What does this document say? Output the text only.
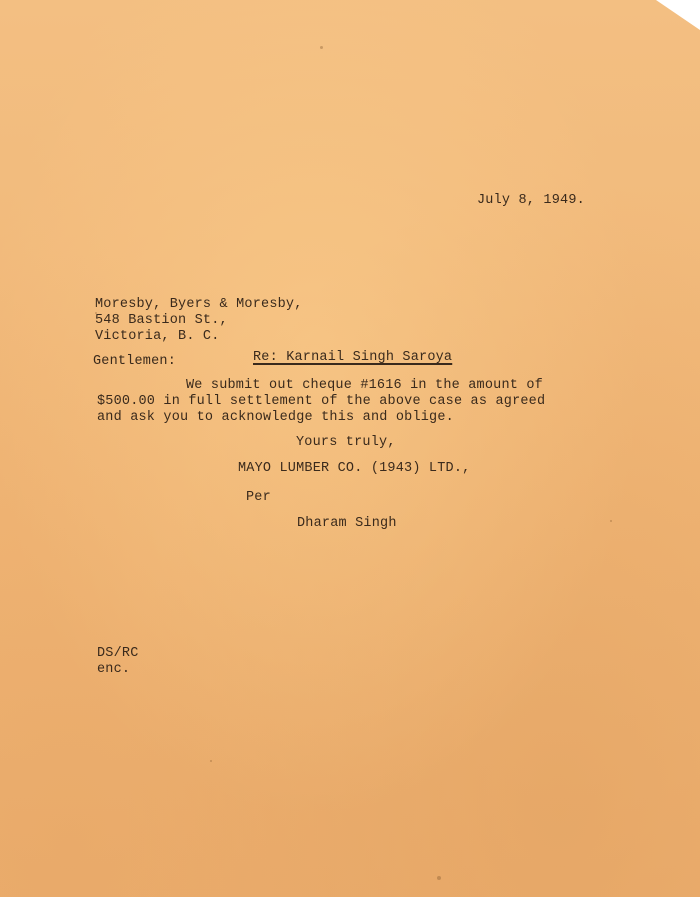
July 8, 1949.

Moresby, Byers & Moresby,

548 Bastion St.,

Victoria, B. C.

Gentlemen:	Re: Karnail Singh Saroya

We submit out cheque #1616 in the amount of

$500.00 in full settlement of the above case as agreed

and ask you to acknowledge this and oblige.

Yours truly,

MAYO LUMBER CO. (1943) LTD.,

Per

Dharam Singh

DS/RC

enc.
